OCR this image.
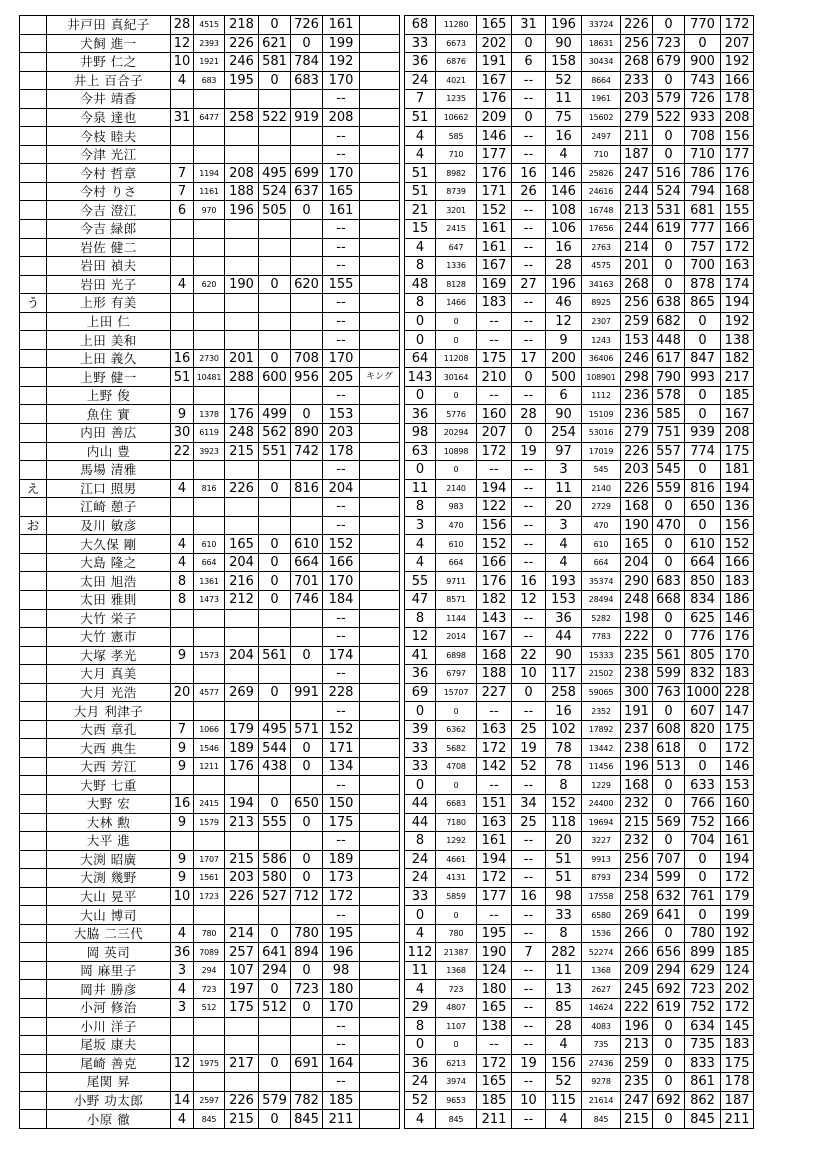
	井戸田 真紀子	28	4515	218	0	726	161			68	11280	165	31	196	33724	226	0	770	172
	犬飼 進一	12	2393	226	621	0	199			33	6673	202	0	90	18631	256	723	0	207
	井野 仁之	10	1921	246	581	784	192			36	6876	191	6	158	30434	268	679	900	192
	井上 百合子	4	683	195	0	683	170			24	4021	167	--	52	8664	233	0	743	166
	今井 靖香						--			7	1235	176	--	11	1961	203	579	726	178
	今泉 達也	31	6477	258	522	919	208			51	10662	209	0	75	15602	279	522	933	208
	今枝 睦夫						--			4	585	146	--	16	2497	211	0	708	156
	今津 光江						--			4	710	177	--	4	710	187	0	710	177
	今村 哲章	7	1194	208	495	699	170			51	8982	176	16	146	25826	247	516	786	176
	今村 りさ	7	1161	188	524	637	165			51	8739	171	26	146	24616	244	524	794	168
	今吉 澄江	6	970	196	505	0	161			21	3201	152	--	108	16748	213	531	681	155
	今吉 緑郎						--			15	2415	161	--	106	17656	244	619	777	166
	岩佐 健二						--			4	647	161	--	16	2763	214	0	757	172
	岩田 禎夫						--			8	1336	167	--	28	4575	201	0	700	163
	岩田 光子	4	620	190	0	620	155			48	8128	169	27	196	34163	268	0	878	174
う	上形 有美						--			8	1466	183	--	46	8925	256	638	865	194
	上田 仁						--			0	0	--	--	12	2307	259	682	0	192
	上田 美和						--			0	0	--	--	9	1243	153	448	0	138
	上田 義久	16	2730	201	0	708	170			64	11208	175	17	200	36406	246	617	847	182
	上野 健一	51	10481	288	600	956	205	キング		143	30164	210	0	500	108901	298	790	993	217
	上野 俊						--			0	0	--	--	6	1112	236	578	0	185
	魚住 實	9	1378	176	499	0	153			36	5776	160	28	90	15109	236	585	0	167
	内田 善広	30	6119	248	562	890	203			98	20294	207	0	254	53016	279	751	939	208
	内山 豊	22	3923	215	551	742	178			63	10898	172	19	97	17019	226	557	774	175
	馬場 清雅						--			0	0	--	--	3	545	203	545	0	181
え	江口 照男	4	816	226	0	816	204			11	2140	194	--	11	2140	226	559	816	194
	江崎 憩子						--			8	983	122	--	20	2729	168	0	650	136
お	及川 敏彦						--			3	470	156	--	3	470	190	470	0	156
	大久保 剛	4	610	165	0	610	152			4	610	152	--	4	610	165	0	610	152
	大島 隆之	4	664	204	0	664	166			4	664	166	--	4	664	204	0	664	166
	太田 旭浩	8	1361	216	0	701	170			55	9711	176	16	193	35374	290	683	850	183
	太田 雅則	8	1473	212	0	746	184			47	8571	182	12	153	28494	248	668	834	186
	大竹 栄子						--			8	1144	143	--	36	5282	198	0	625	146
	大竹 憲市						--			12	2014	167	--	44	7783	222	0	776	176
	大塚 孝光	9	1573	204	561	0	174			41	6898	168	22	90	15333	235	561	805	170
	大月 真美						--			36	6797	188	10	117	21502	238	599	832	183
	大月 光浩	20	4577	269	0	991	228			69	15707	227	0	258	59065	300	763	1000	228
	大月 利津子						--			0	0	--	--	16	2352	191	0	607	147
	大西 章孔	7	1066	179	495	571	152			39	6362	163	25	102	17892	237	608	820	175
	大西 典生	9	1546	189	544	0	171			33	5682	172	19	78	13442	238	618	0	172
	大西 芳江	9	1211	176	438	0	134			33	4708	142	52	78	11456	196	513	0	146
	大野 七重						--			0	0	--	--	8	1229	168	0	633	153
	大野 宏	16	2415	194	0	650	150			44	6683	151	34	152	24400	232	0	766	160
	大林 勲	9	1579	213	555	0	175			44	7180	163	25	118	19694	215	569	752	166
	大平 進						--			8	1292	161	--	20	3227	232	0	704	161
	大渕 昭廣	9	1707	215	586	0	189			24	4661	194	--	51	9913	256	707	0	194
	大渕 幾野	9	1561	203	580	0	173			24	4131	172	--	51	8793	234	599	0	172
	大山 晃平	10	1723	226	527	712	172			33	5859	177	16	98	17558	258	632	761	179
	大山 博司						--			0	0	--	--	33	6580	269	641	0	199
	大脇 二三代	4	780	214	0	780	195			4	780	195	--	8	1536	266	0	780	192
	岡 英司	36	7089	257	641	894	196			112	21387	190	7	282	52274	266	656	899	185
	岡 麻里子	3	294	107	294	0	98			11	1368	124	--	11	1368	209	294	629	124
	岡井 勝彦	4	723	197	0	723	180			4	723	180	--	13	2627	245	692	723	202
	小河 修治	3	512	175	512	0	170			29	4807	165	--	85	14624	222	619	752	172
	小川 洋子						--			8	1107	138	--	28	4083	196	0	634	145
	尾坂 康夫						--			0	0	--	--	4	735	213	0	735	183
	尾崎 善克	12	1975	217	0	691	164			36	6213	172	19	156	27436	259	0	833	175
	尾関 昇						--			24	3974	165	--	52	9278	235	0	861	178
	小野 功太郎	14	2597	226	579	782	185			52	9653	185	10	115	21614	247	692	862	187
	小原 徹	4	845	215	0	845	211			4	845	211	--	4	845	215	0	845	211
